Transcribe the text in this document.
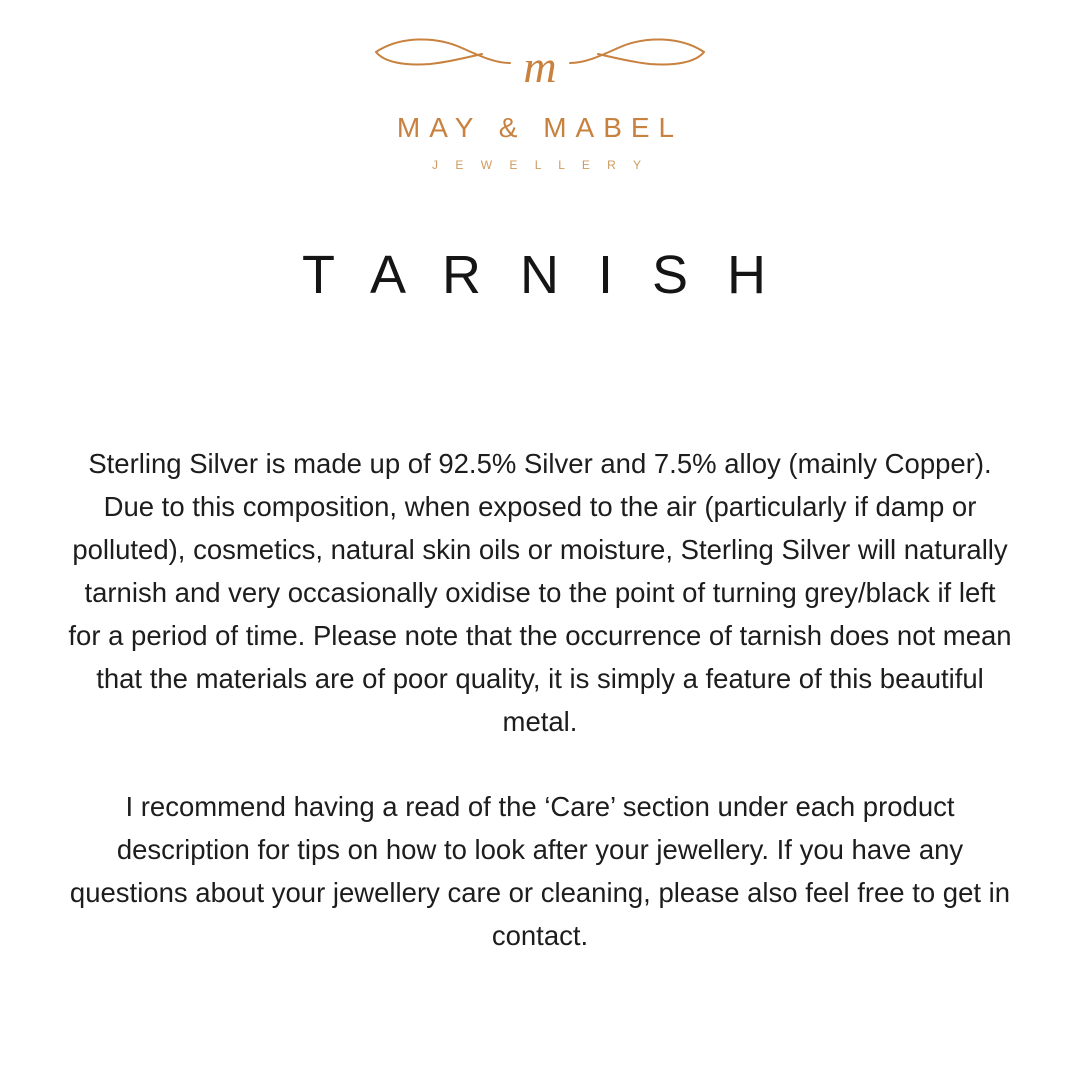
m
MAY & MABEL
J E W E L L E R Y
T A R N I S H

Sterling Silver is made up of 92.5% Silver and 7.5% alloy (mainly Copper). Due to this composition, when exposed to the air (particularly if damp or polluted), cosmetics, natural skin oils or moisture, Sterling Silver will naturally tarnish and very occasionally oxidise to the point of turning grey/black if left for a period of time. Please note that the occurrence of tarnish does not mean that the materials are of poor quality, it is simply a feature of this beautiful metal.

I recommend having a read of the ‘Care’ section under each product description for tips on how to look after your jewellery. If you have any questions about your jewellery care or cleaning, please also feel free to get in contact.
